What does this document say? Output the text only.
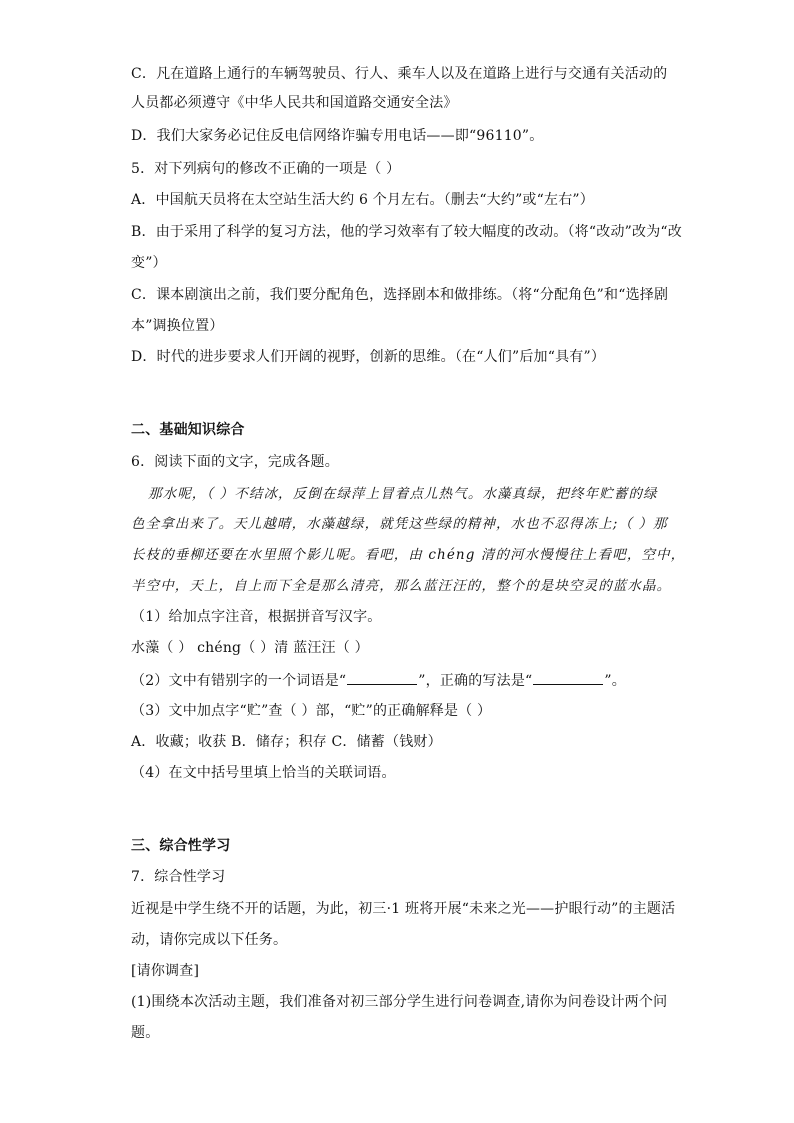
C．凡在道路上通行的车辆驾驶员、行人、乘车人以及在道路上进行与交通有关活动的
人员都必须遵守《中华人民共和国道路交通安全法》
D．我们大家务必记住反电信网络诈骗专用电话——即“96110”。
5．对下列病句的修改不正确的一项是（ ）
A．中国航天员将在太空站生活大约 6 个月左右。（删去“大约”或“左右”）
B．由于采用了科学的复习方法，他的学习效率有了较大幅度的改动。（将“改动”改为“改
变”）
C．课本剧演出之前，我们要分配角色，选择剧本和做排练。（将“分配角色”和“选择剧
本”调换位置）
D．时代的进步要求人们开阔的视野，创新的思维。（在“人们”后加“具有”）
二、基础知识综合
6．阅读下面的文字，完成各题。
那水呢，（ ）不结冰，反倒在绿萍上冒着点儿热气。水藻真绿，把终年贮蓄的绿
色全拿出来了。天儿越晴，水藻越绿，就凭这些绿的精神，水也不忍得冻上;（ ）那
长枝的垂柳还要在水里照个影儿呢。看吧，由 chéng 清的河水慢慢往上看吧，空中，
半空中，天上，自上而下全是那么清亮，那么蓝汪汪的，整个的是块空灵的蓝水晶。
（1）给加点字注音，根据拼音写汉字。
水藻（ ） chéng（ ）清 蓝汪汪（ ）
（2）文中有错别字的一个词语是“	”，正确的写法是“	”。
（3）文中加点字“贮”查（ ）部，“贮”的正确解释是（ ）
A．收藏；收获 B．储存；积存 C．储蓄（钱财）
（4）在文中括号里填上恰当的关联词语。
三、综合性学习
7．综合性学习
近视是中学生绕不开的话题，为此，初三·1 班将开展“未来之光——护眼行动”的主题活
动，请你完成以下任务。
[请你调查]
(1)围绕本次活动主题，我们准备对初三部分学生进行问卷调查,请你为问卷设计两个问
题。
